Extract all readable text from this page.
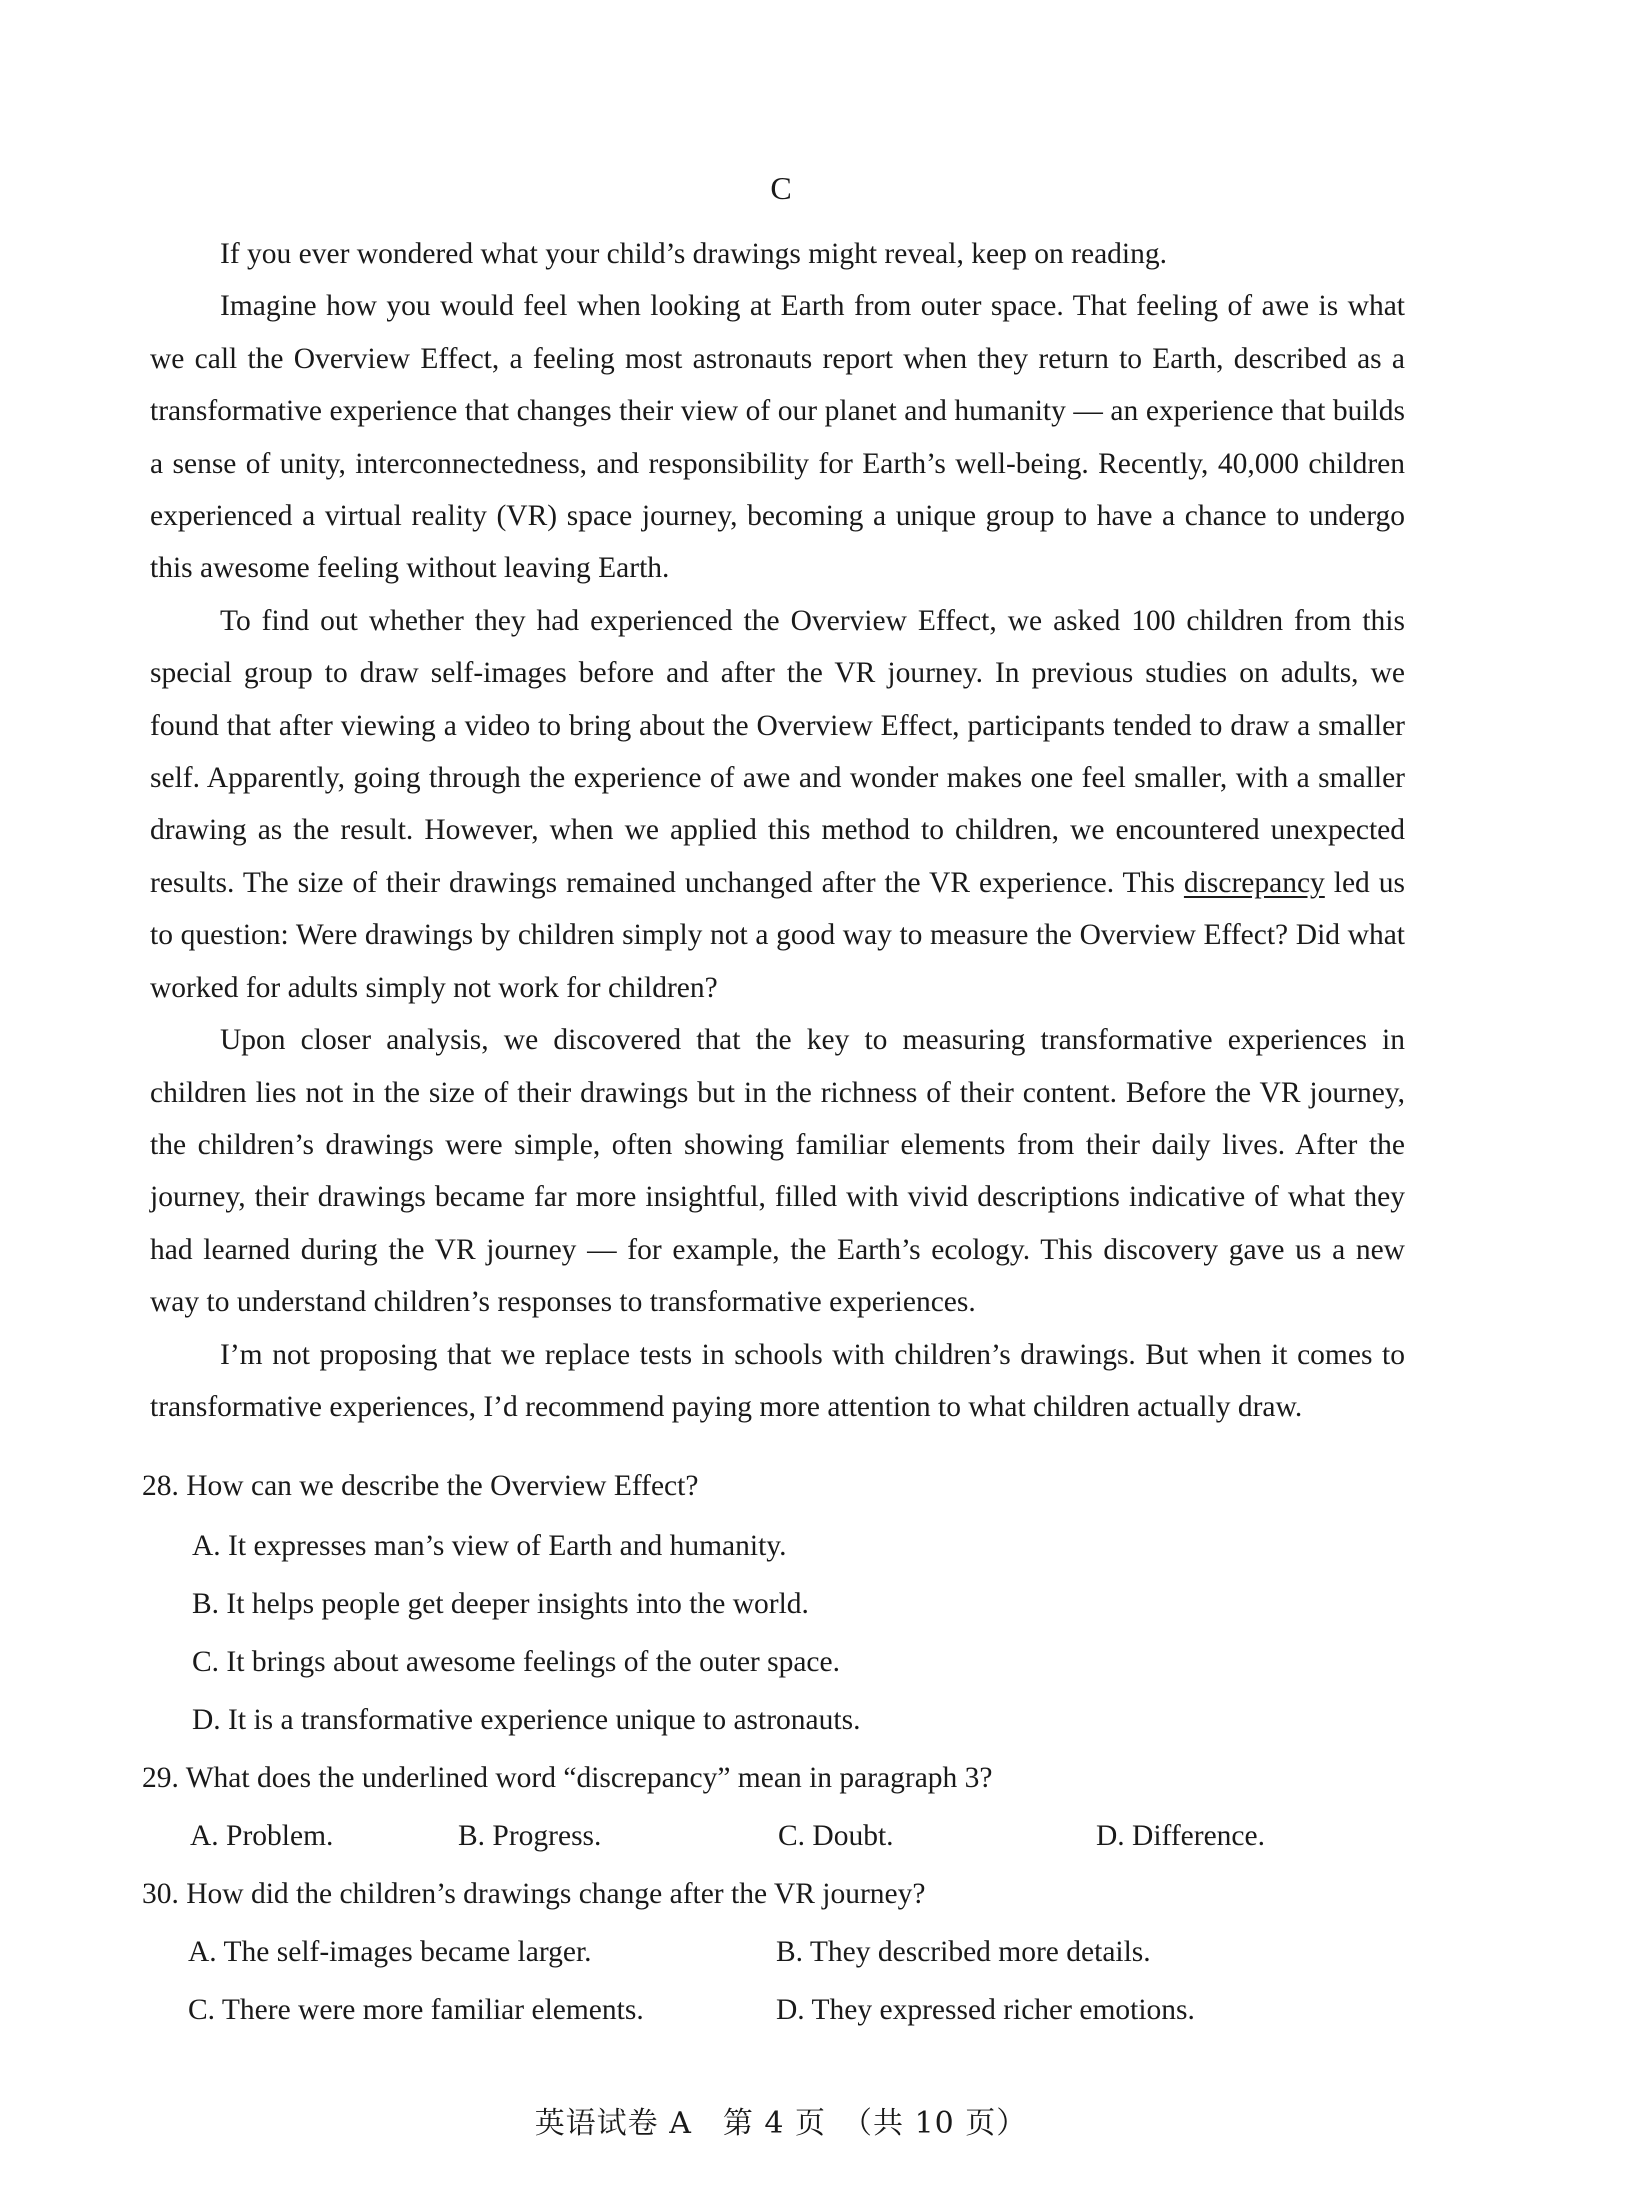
C

If you ever wondered what your child’s drawings might reveal, keep on reading.

Imagine how you would feel when looking at Earth from outer space. That feeling of awe is what we call the Overview Effect, a feeling most astronauts report when they return to Earth, described as a transformative experience that changes their view of our planet and humanity — an experience that builds a sense of unity, interconnectedness, and responsibility for Earth’s well-being. Recently, 40,000 children experienced a virtual reality (VR) space journey, becoming a unique group to have a chance to undergo this awesome feeling without leaving Earth.

To find out whether they had experienced the Overview Effect, we asked 100 children from this special group to draw self-images before and after the VR journey. In previous studies on adults, we found that after viewing a video to bring about the Overview Effect, participants tended to draw a smaller self. Apparently, going through the experience of awe and wonder makes one feel smaller, with a smaller drawing as the result. However, when we applied this method to children, we encountered unexpected results. The size of their drawings remained unchanged after the VR experience. This discrepancy led us to question: Were drawings by children simply not a good way to measure the Overview Effect? Did what worked for adults simply not work for children?

Upon closer analysis, we discovered that the key to measuring transformative experiences in children lies not in the size of their drawings but in the richness of their content. Before the VR journey, the children’s drawings were simple, often showing familiar elements from their daily lives. After the journey, their drawings became far more insightful, filled with vivid descriptions indicative of what they had learned during the VR journey — for example, the Earth’s ecology. This discovery gave us a new way to understand children’s responses to transformative experiences.

I’m not proposing that we replace tests in schools with children’s drawings. But when it comes to transformative experiences, I’d recommend paying more attention to what children actually draw.

28. How can we describe the Overview Effect?
A. It expresses man’s view of Earth and humanity.
B. It helps people get deeper insights into the world.
C. It brings about awesome feelings of the outer space.
D. It is a transformative experience unique to astronauts.
29. What does the underlined word “discrepancy” mean in paragraph 3?
A. Problem.	B. Progress.	C. Doubt.	D. Difference.
30. How did the children’s drawings change after the VR journey?
A. The self-images became larger.	B. They described more details.
C. There were more familiar elements.	D. They expressed richer emotions.
英语试卷 A　第 4 页　（共 10 页）
